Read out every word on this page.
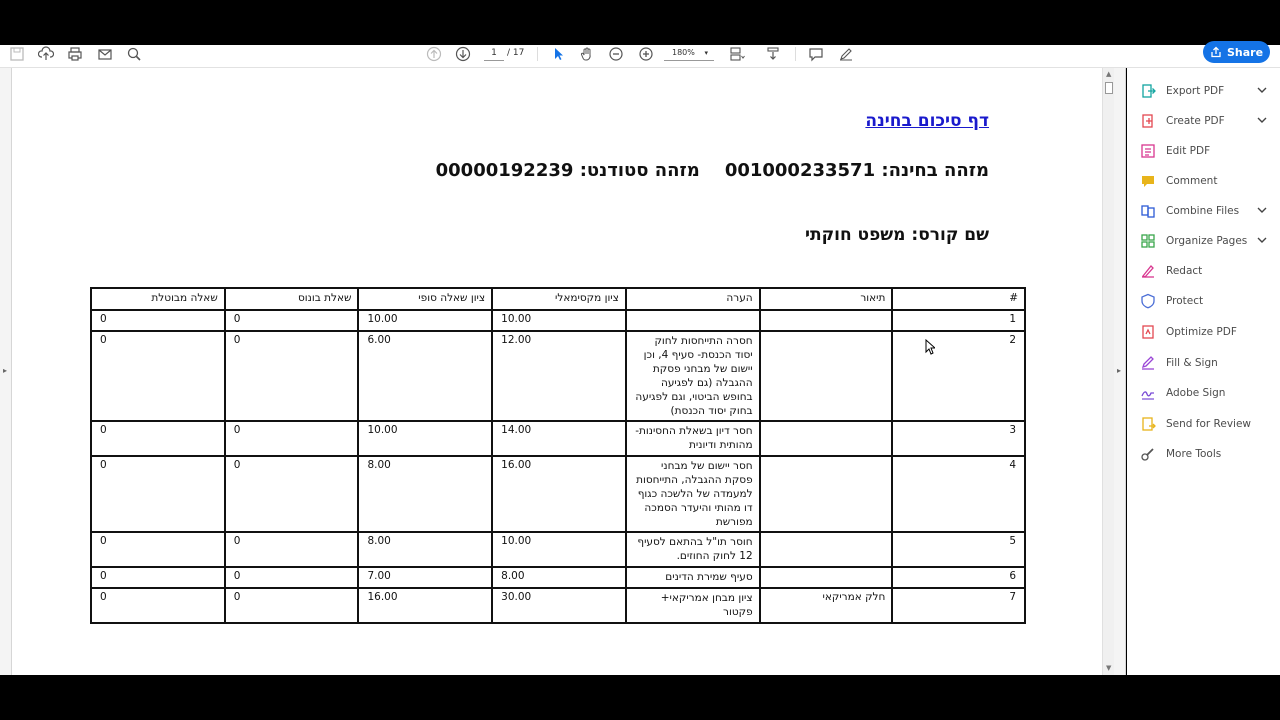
1	/ 17	180% ▾	Share
▸
דף סיכום בחינה
מזהה בחינה: 001000233571    מזהה סטודנט: 00000192239
שם קורס: משפט חוקתי
#	תיאור	הערה	ציון מקסימאלי	ציון שאלה סופי	שאלת בונוס	שאלה מבוטלת
1			10.00	10.00	0	0
2		חסרה התייחסות לחוק יסוד הכנסת- סעיף 4, וכן יישום של מבחני פסקת ההגבלה (גם לפגיעה בחופש הביטוי, וגם לפגיעה בחוק יסוד הכנסת)	12.00	6.00	0	0
3		חסר דיון בשאלת החסינות- מהותית ודיונית	14.00	10.00	0	0
4		חסר יישום של מבחני פסקת ההגבלה, התייחסות למעמדה של הלשכה כגוף דו מהותי והיעדר הסמכה מפורשת	16.00	8.00	0	0
5		חוסר תו"ל בהתאם לסעיף 12 לחוק החוזים.	10.00	8.00	0	0
6		סעיף שמירת הדינים	8.00	7.00	0	0
7	חלק אמריקאי	ציון מבחן אמריקאי+ פקטור	30.00	16.00	0	0
▲
▼
▸
Export PDF
Create PDF
Edit PDF
Comment
Combine Files
Organize Pages
Redact
Protect
Optimize PDF
Fill & Sign
Adobe Sign
Send for Review
More Tools
